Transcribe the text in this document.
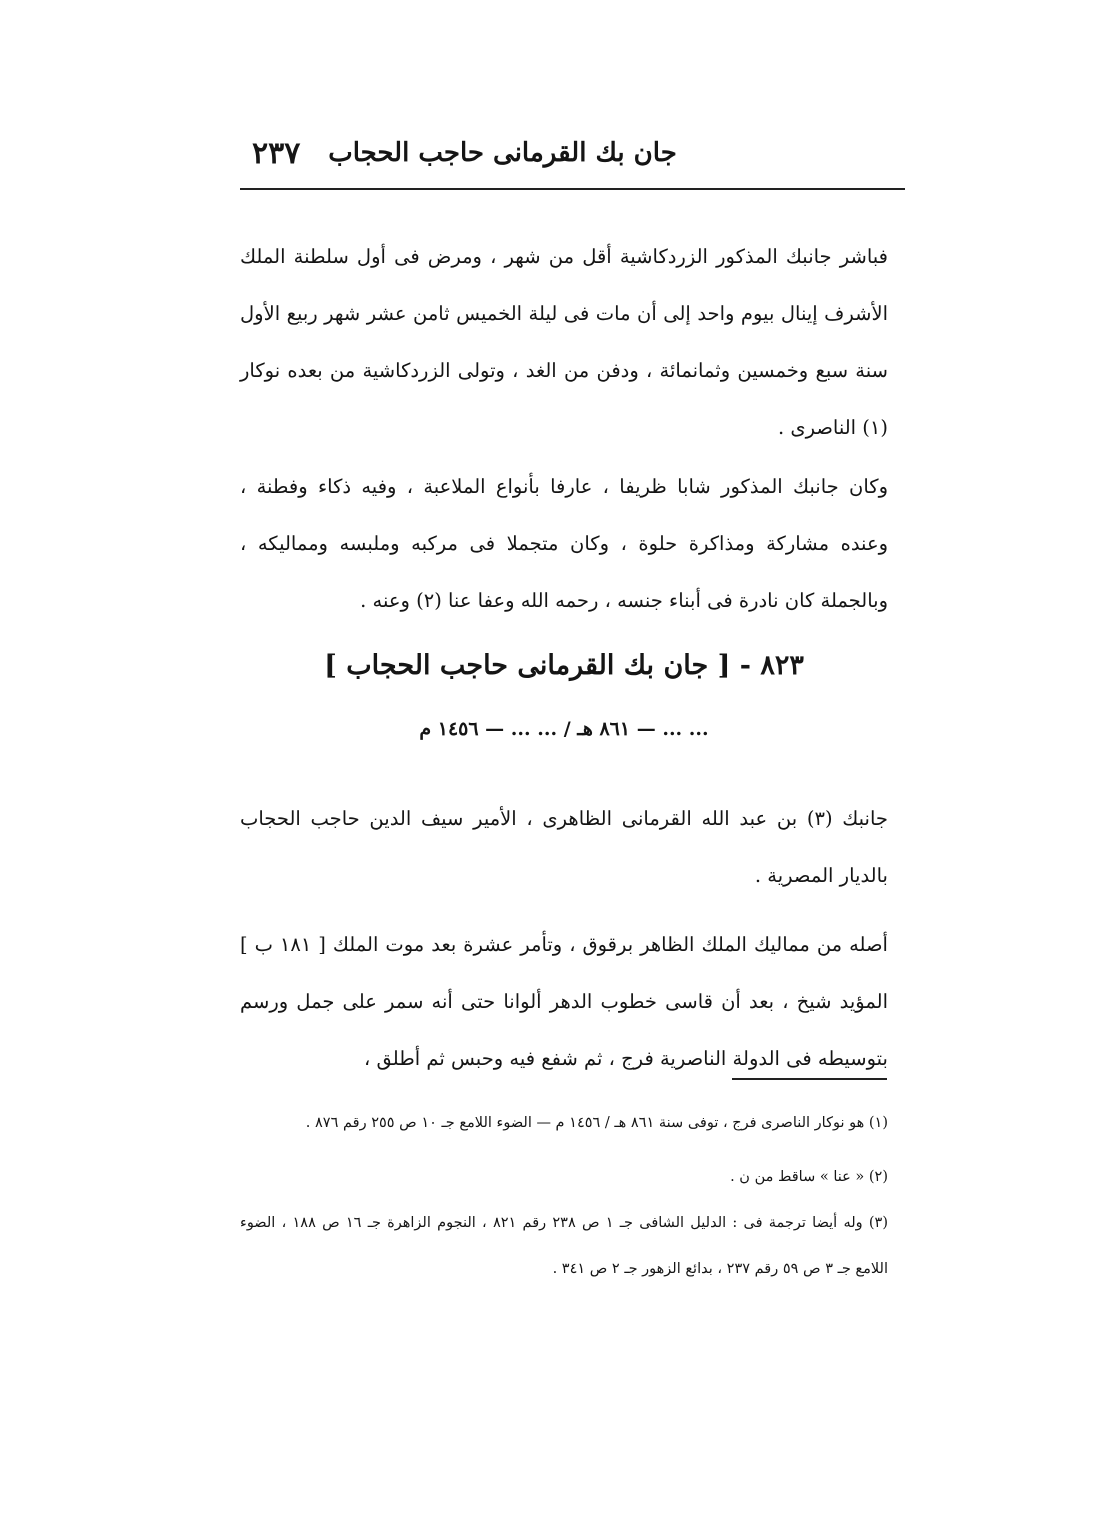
٢٣٧	جان بك القرمانى حاجب الحجاب

فباشر جانبك المذكور الزردكاشية أقل من شهر ، ومرض فى أول سلطنة الملك الأشرف إينال بيوم واحد إلى أن مات فى ليلة الخميس ثامن عشر شهر ربيع الأول سنة سبع وخمسين وثمانمائة ، ودفن من الغد ، وتولى الزردكاشية من بعده نوكار (١) الناصرى .

وكان جانبك المذكور شابا ظريفا ، عارفا بأنواع الملاعبة ، وفيه ذكاء وفطنة ، وعنده مشاركة ومذاكرة حلوة ، وكان متجملا فى مركبه وملبسه ومماليكه ، وبالجملة كان نادرة فى أبناء جنسه ، رحمه الله وعفا عنا (٢) وعنه .

٨٢٣ - [ جان بك القرمانى حاجب الحجاب ]
... ... — ٨٦١ هـ / ... ... — ١٤٥٦ م

جانبك (٣) بن عبد الله القرمانى الظاهرى ، الأمير سيف الدين حاجب الحجاب بالديار المصرية .

أصله من مماليك الملك الظاهر برقوق ، وتأمر عشرة بعد موت الملك [ ١٨١ ب ] المؤيد شيخ ، بعد أن قاسى خطوب الدهر ألوانا حتى أنه سمر على جمل ورسم بتوسيطه فى الدولة الناصرية فرج ، ثم شفع فيه وحبس ثم أطلق ،

(١) هو نوكار الناصرى فرج ، توفى سنة ٨٦١ هـ / ١٤٥٦ م — الضوء اللامع جـ ١٠ ص ٢٥٥ رقم ٨٧٦ .

(٢) « عنا » ساقط من ن .

(٣) وله أيضا ترجمة فى : الدليل الشافى جـ ١ ص ٢٣٨ رقم ٨٢١ ، النجوم الزاهرة جـ ١٦ ص ١٨٨ ، الضوء اللامع جـ ٣ ص ٥٩ رقم ٢٣٧ ، بدائع الزهور جـ ٢ ص ٣٤١ .
